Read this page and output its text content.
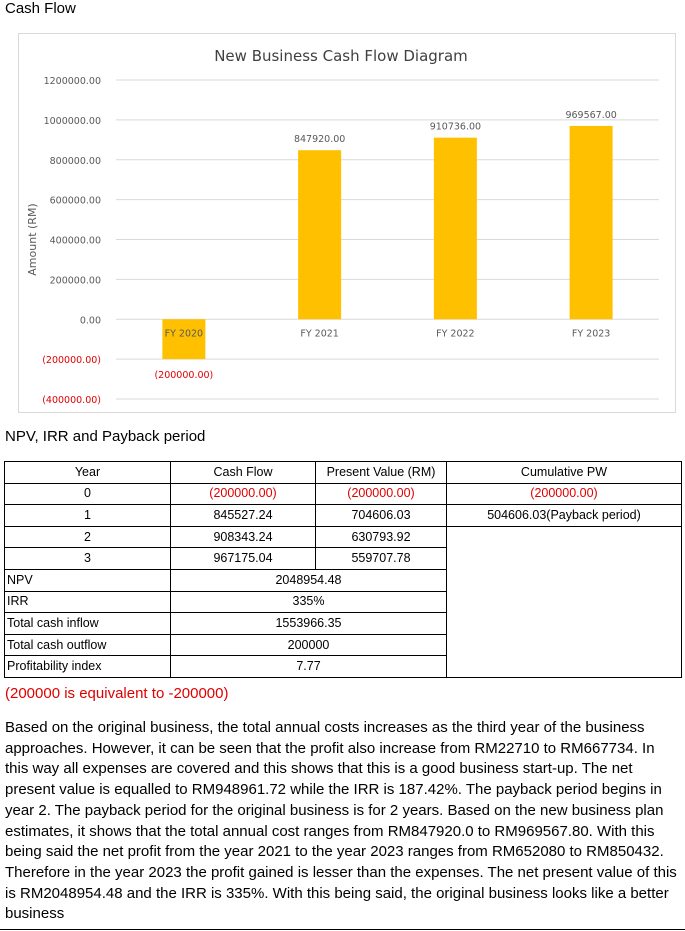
Cash Flow
New Business Cash Flow Diagram
Amount (RM)
1200000.00
1000000.00
800000.00
600000.00
400000.00
200000.00
0.00
(200000.00)
(400000.00)
FY 2020
(200000.00)
FY 2021
847920.00
FY 2022
910736.00
FY 2023
969567.00
NPV, IRR and Payback period
Year	Cash Flow	Present Value (RM)	Cumulative PW
0	(200000.00)	(200000.00)	(200000.00)
1	845527.24	704606.03	504606.03(Payback period)
2	908343.24	630793.92	
3	967175.04	559707.78	
NPV	2048954.48		
IRR	335%		
Total cash inflow	1553966.35		
Total cash outflow	200000		
Profitability index	7.77		
(200000 is equivalent to -200000)

Based on the original business, the total annual costs increases as the third year of the business approaches. However, it can be seen that the profit also increase from RM22710 to RM667734. In this way all expenses are covered and this shows that this is a good business start-up. The net present value is equalled to RM948961.72 while the IRR is 187.42%. The payback period begins in year 2. The payback period for the original business is for 2 years. Based on the new business plan estimates, it shows that the total annual cost ranges from RM847920.0 to RM969567.80. With this being said the net profit from the year 2021 to the year 2023 ranges from RM652080 to RM850432. Therefore in the year 2023 the profit gained is lesser than the expenses. The net present value of this is RM2048954.48 and the IRR is 335%. With this being said, the original business looks like a better business
